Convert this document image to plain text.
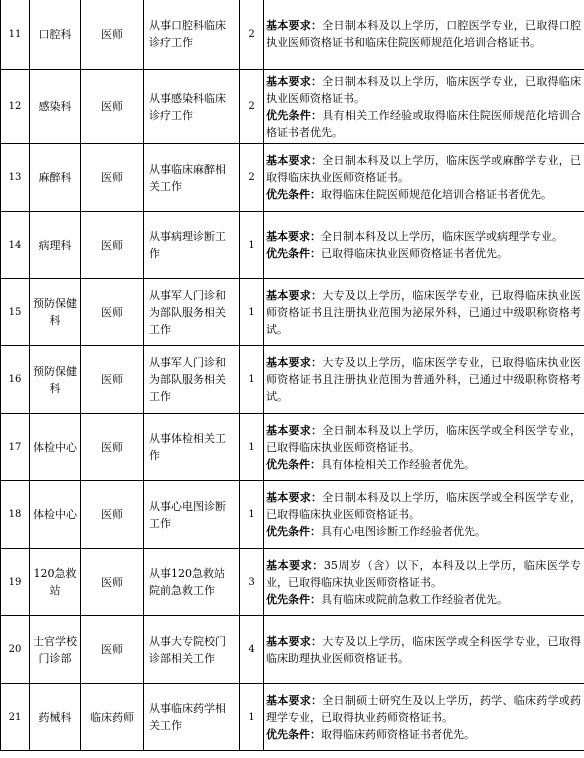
11	口腔科	医师	从事口腔科临床诊疗工作	2	基本要求：全日制本科及以上学历，口腔医学专业，已取得口腔执业医师资格证书和临床住院医师规范化培训合格证书。

12	感染科	医师	从事感染科临床诊疗工作	2	基本要求：全日制本科及以上学历，临床医学专业，已取得临床执业医师资格证书。
优先条件：具有相关工作经验或取得临床住院医师规范化培训合格证书者优先。

13	麻醉科	医师	从事临床麻醉相关工作	2	基本要求：全日制本科及以上学历，临床医学或麻醉学专业，已取得临床执业医师资格证书。
优先条件：取得临床住院医师规范化培训合格证书者优先。

14	病理科	医师	从事病理诊断工作	1	基本要求：全日制本科及以上学历，临床医学或病理学专业。
优先条件：已取得临床执业医师资格证书者优先。

15	预防保健科	医师	从事军人门诊和为部队服务相关工作	1	基本要求：大专及以上学历，临床医学专业，已取得临床执业医师资格证书且注册执业范围为泌尿外科，已通过中级职称资格考试。

16	预防保健科	医师	从事军人门诊和为部队服务相关工作	1	基本要求：大专及以上学历，临床医学专业，已取得临床执业医师资格证书且注册执业范围为普通外科，已通过中级职称资格考试。

17	体检中心	医师	从事体检相关工作	1	基本要求：全日制本科及以上学历，临床医学或全科医学专业，已取得临床执业医师资格证书。
优先条件：具有体检相关工作经验者优先。

18	体检中心	医师	从事心电图诊断工作	1	基本要求：全日制本科及以上学历，临床医学或全科医学专业，已取得临床执业医师资格证书。
优先条件：具有心电图诊断工作经验者优先。

19	120急救站	医师	从事120急救站院前急救工作	3	基本要求：35周岁（含）以下，本科及以上学历，临床医学专业，已取得临床执业医师资格证书。
优先条件：具有临床或院前急救工作经验者优先。

20	士官学校门诊部	医师	从事大专院校门诊部相关工作	4	基本要求：大专及以上学历，临床医学或全科医学专业，已取得临床助理执业医师资格证书。

21	药械科	临床药师	从事临床药学相关工作	1	基本要求：全日制硕士研究生及以上学历，药学、临床药学或药理学专业，已取得执业药师资格证书。
优先条件：取得临床药师资格证书者优先。
